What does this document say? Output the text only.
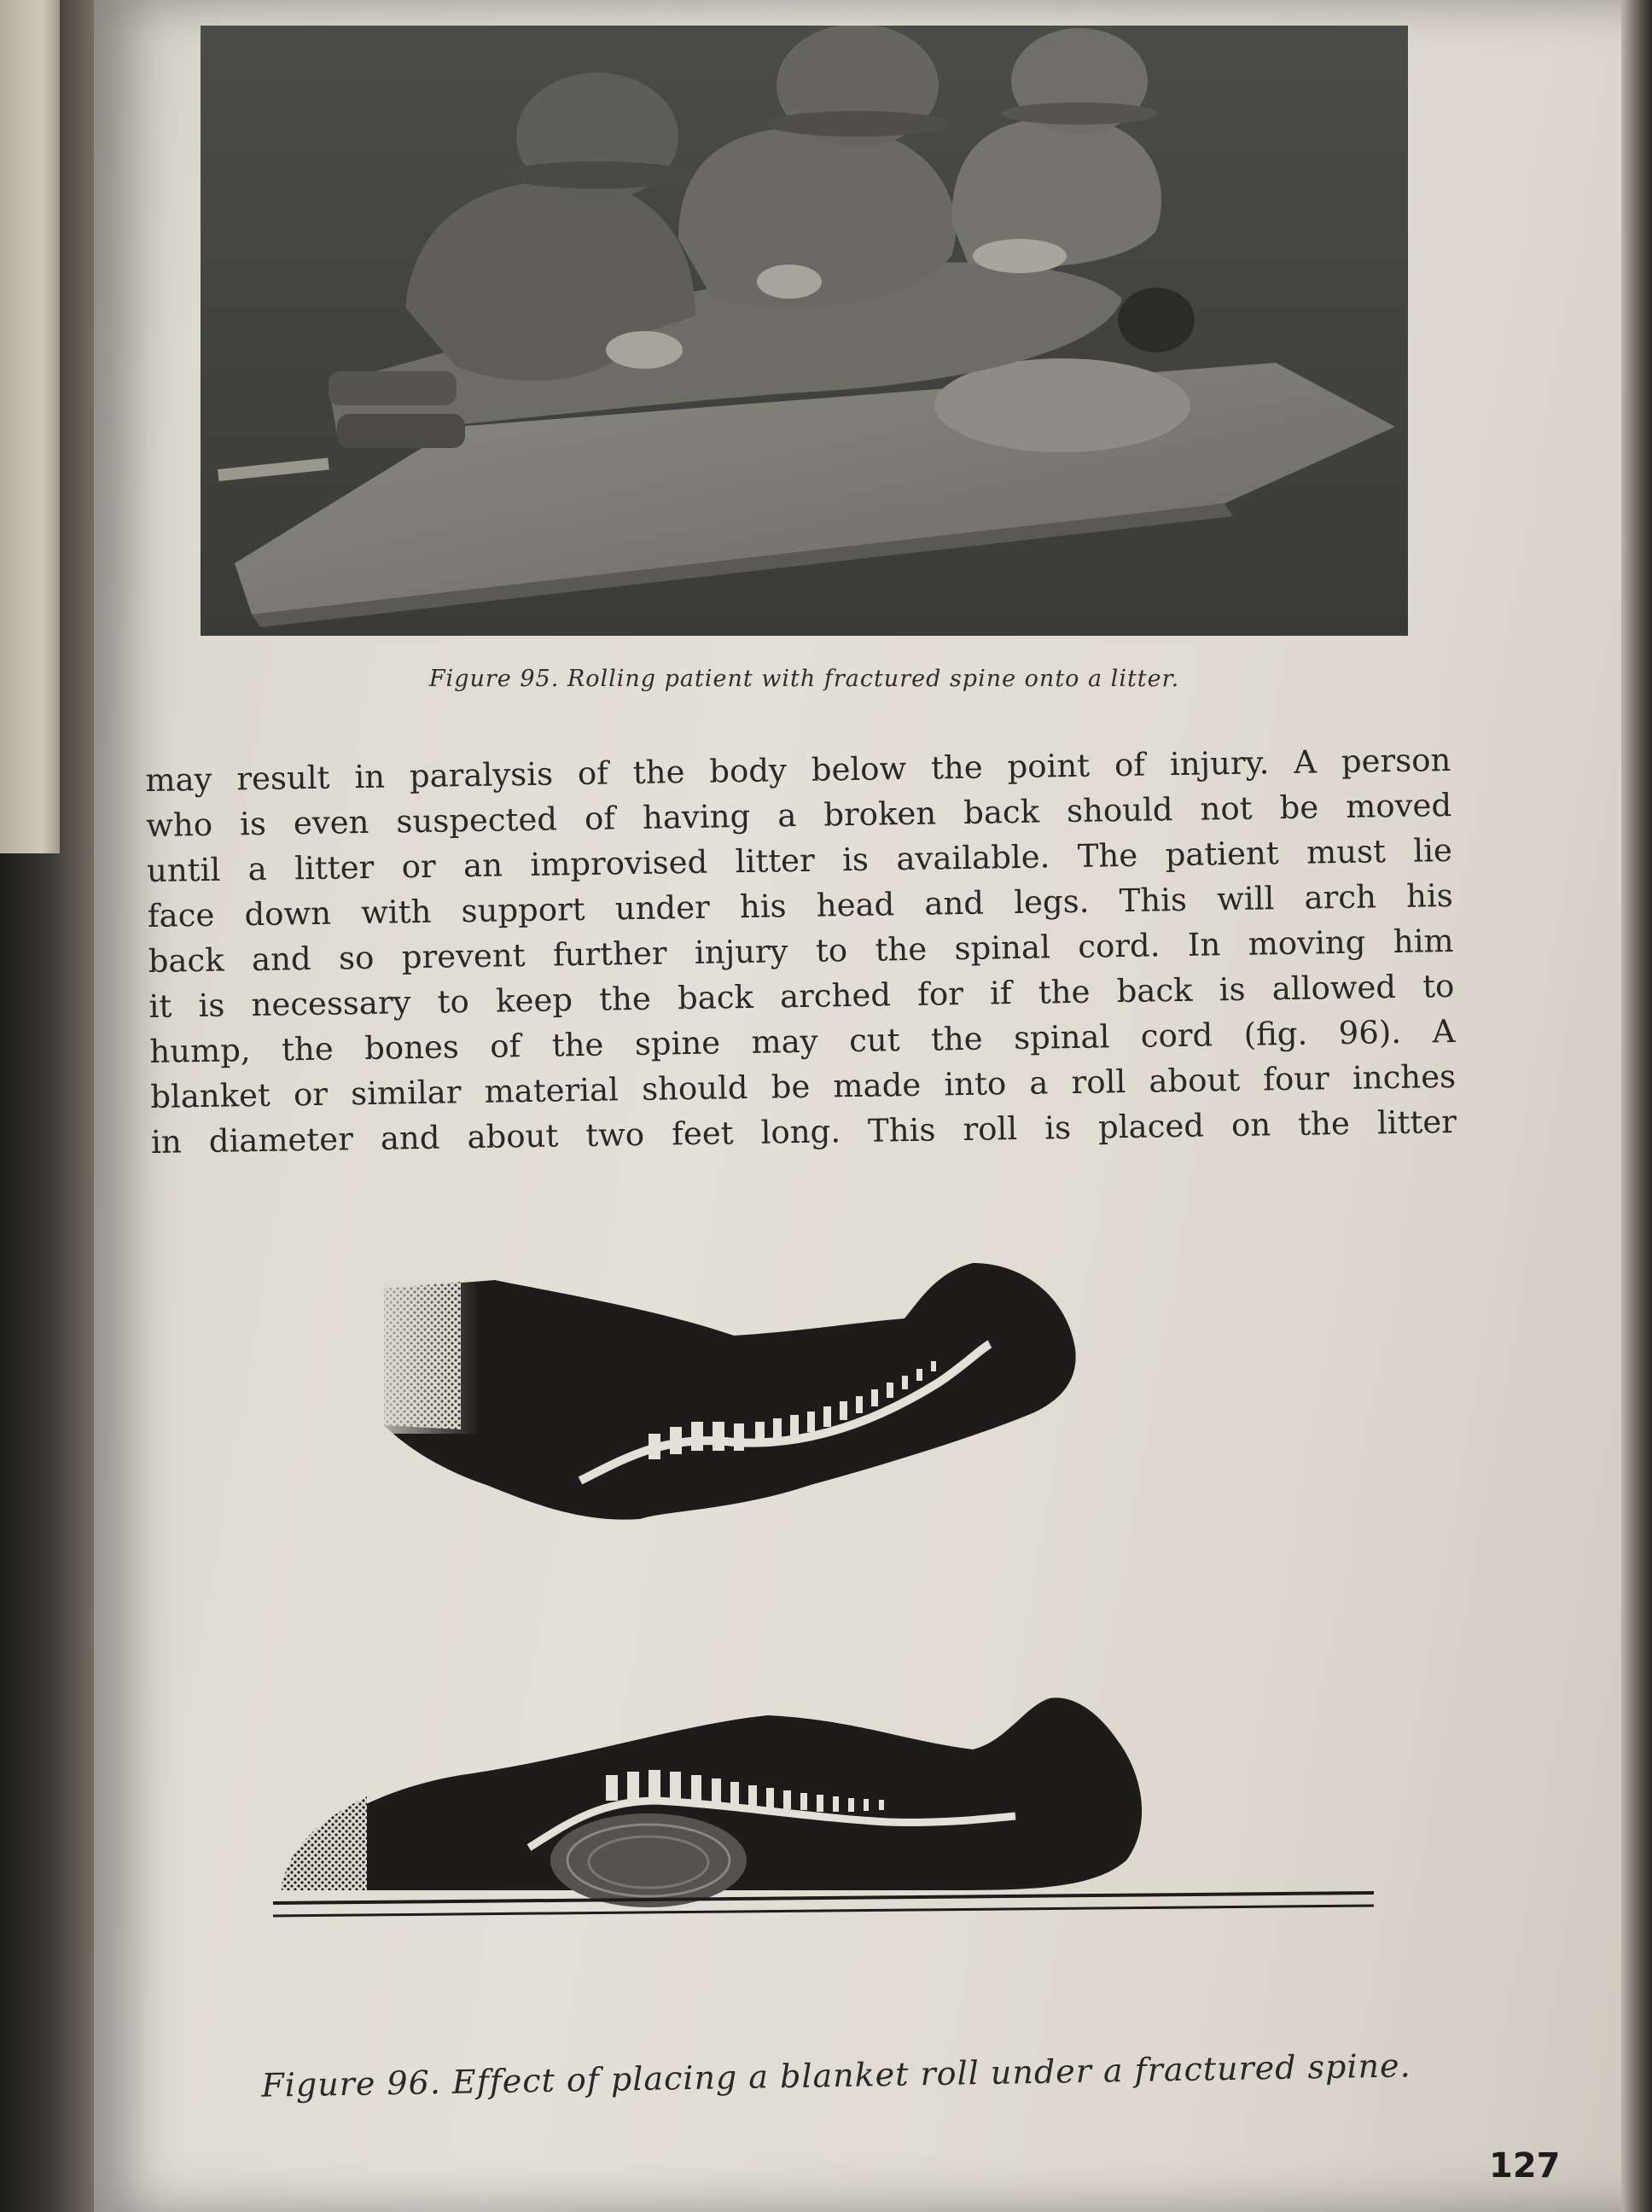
Figure 95. Rolling patient with fractured spine onto a litter.
may result in paralysis of the body below the point of injury. A person
who is even suspected of having a broken back should not be moved
until a litter or an improvised litter is available. The patient must lie
face down with support under his head and legs. This will arch his
back and so prevent further injury to the spinal cord. In moving him
it is necessary to keep the back arched for if the back is allowed to
hump, the bones of the spine may cut the spinal cord (fig. 96). A
blanket or similar material should be made into a roll about four inches
in diameter and about two feet long. This roll is placed on the litter
Figure 96. Effect of placing a blanket roll under a fractured spine.
127
